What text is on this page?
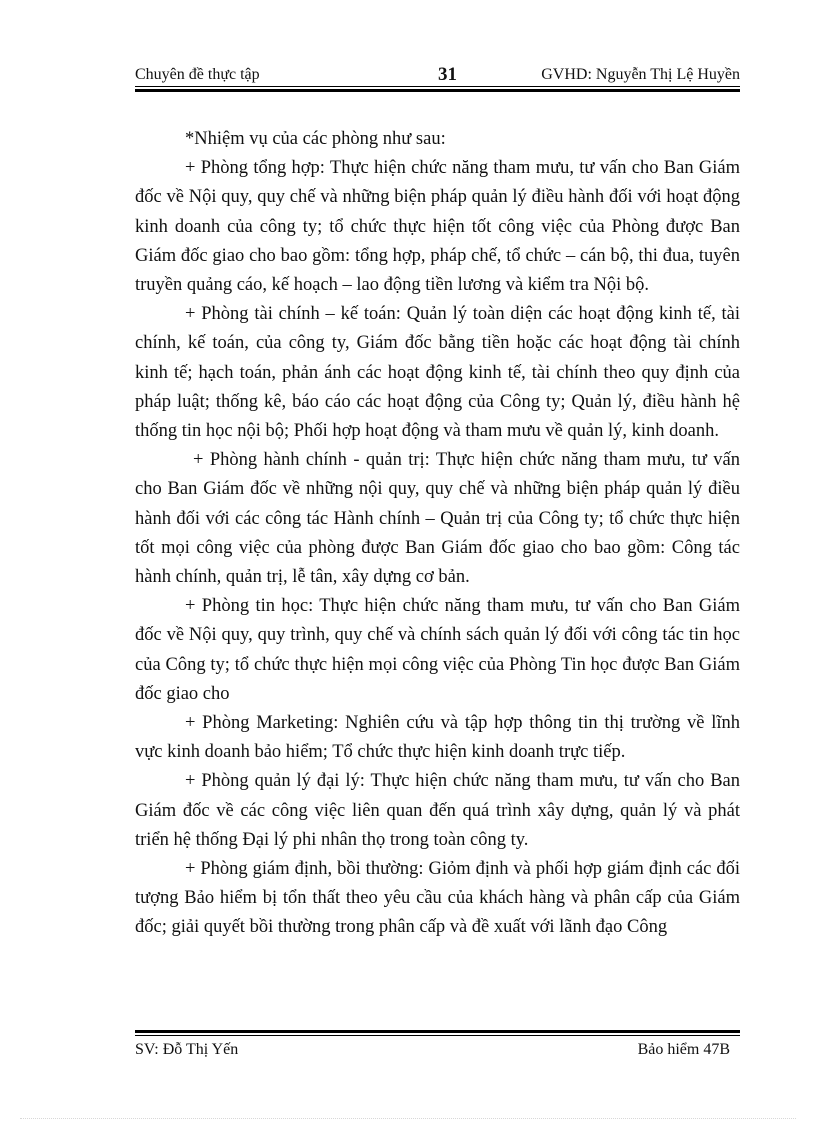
Chuyên đề thực tập	31	GVHD: Nguyễn Thị Lệ Huyền

*Nhiệm vụ của các phòng như sau:

+ Phòng tổng hợp: Thực hiện chức năng tham mưu, tư vấn cho Ban Giám đốc về Nội quy, quy chế và những biện pháp quản lý điều hành đối với hoạt động kinh doanh của công ty; tổ chức thực hiện tốt công việc của Phòng được Ban Giám đốc giao cho bao gồm: tổng hợp, pháp chế, tổ chức – cán bộ, thi đua, tuyên truyền quảng cáo, kế hoạch – lao động tiền lương và kiểm tra Nội bộ.

+ Phòng tài chính – kế toán: Quản lý toàn diện các hoạt động kinh tế, tài chính, kế toán, của công ty, Giám đốc bằng tiền hoặc các hoạt động tài chính kinh tế; hạch toán, phản ánh các hoạt động kinh tế, tài chính theo quy định của pháp luật; thống kê, báo cáo các hoạt động của Công ty; Quản lý, điều hành hệ thống tin học nội bộ; Phối hợp hoạt động và tham mưu về quản lý, kinh doanh.

+ Phòng hành chính - quản trị: Thực hiện chức năng tham mưu, tư vấn cho Ban Giám đốc về những nội quy, quy chế và những biện pháp quản lý điều hành đối với các công tác Hành chính – Quản trị của Công ty; tổ chức thực hiện tốt mọi công việc của phòng được Ban Giám đốc giao cho bao gồm: Công tác hành chính, quản trị, lễ tân, xây dựng cơ bản.

+ Phòng tin học: Thực hiện chức năng tham mưu, tư vấn cho Ban Giám đốc về Nội quy, quy trình, quy chế và chính sách quản lý đối với công tác tin học của Công ty; tổ chức thực hiện mọi công việc của Phòng Tin học được Ban Giám đốc giao cho

+ Phòng Marketing: Nghiên cứu và tập hợp thông tin thị trường về lĩnh vực kinh doanh bảo hiểm; Tổ chức thực hiện kinh doanh trực tiếp.

+ Phòng quản lý đại lý: Thực hiện chức năng tham mưu, tư vấn cho Ban Giám đốc về các công việc liên quan đến quá trình xây dựng, quản lý và phát triển hệ thống Đại lý phi nhân thọ trong toàn công ty.

+ Phòng giám định, bồi thường: Giỏm định và phối hợp giám định các đối tượng Bảo hiểm bị tổn thất theo yêu cầu của khách hàng và phân cấp của Giám đốc; giải quyết bồi thường trong phân cấp và đề xuất với lãnh đạo Công

SV: Đỗ Thị Yến	Bảo hiểm 47B
